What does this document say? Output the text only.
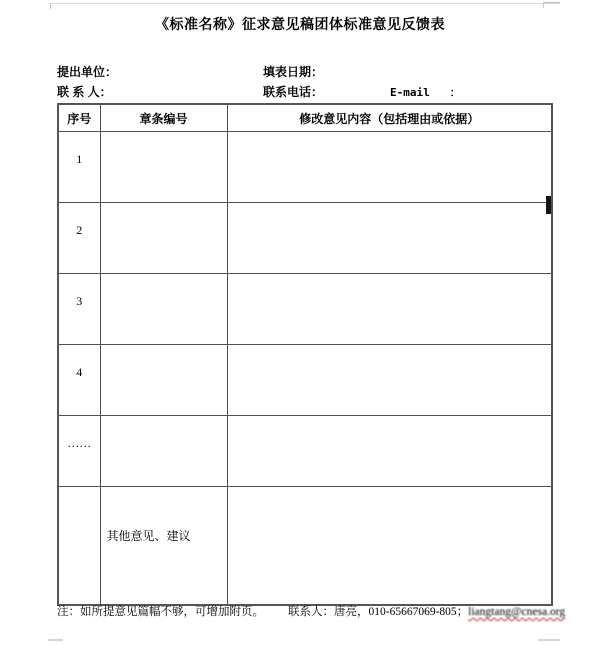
《标准名称》征求意见稿团体标准意见反馈表
提出单位：	填表日期：
联 系 人：	联系电话：	E-mail   ：
序号	章条编号	修改意见内容（包括理由或依据）
1		
2		
3		
4		
……		
	其他意见、建议	
注：如所提意见篇幅不够，可增加附页。 联系人：唐亮，010-65667069-805；liangtang@cnesa.org
